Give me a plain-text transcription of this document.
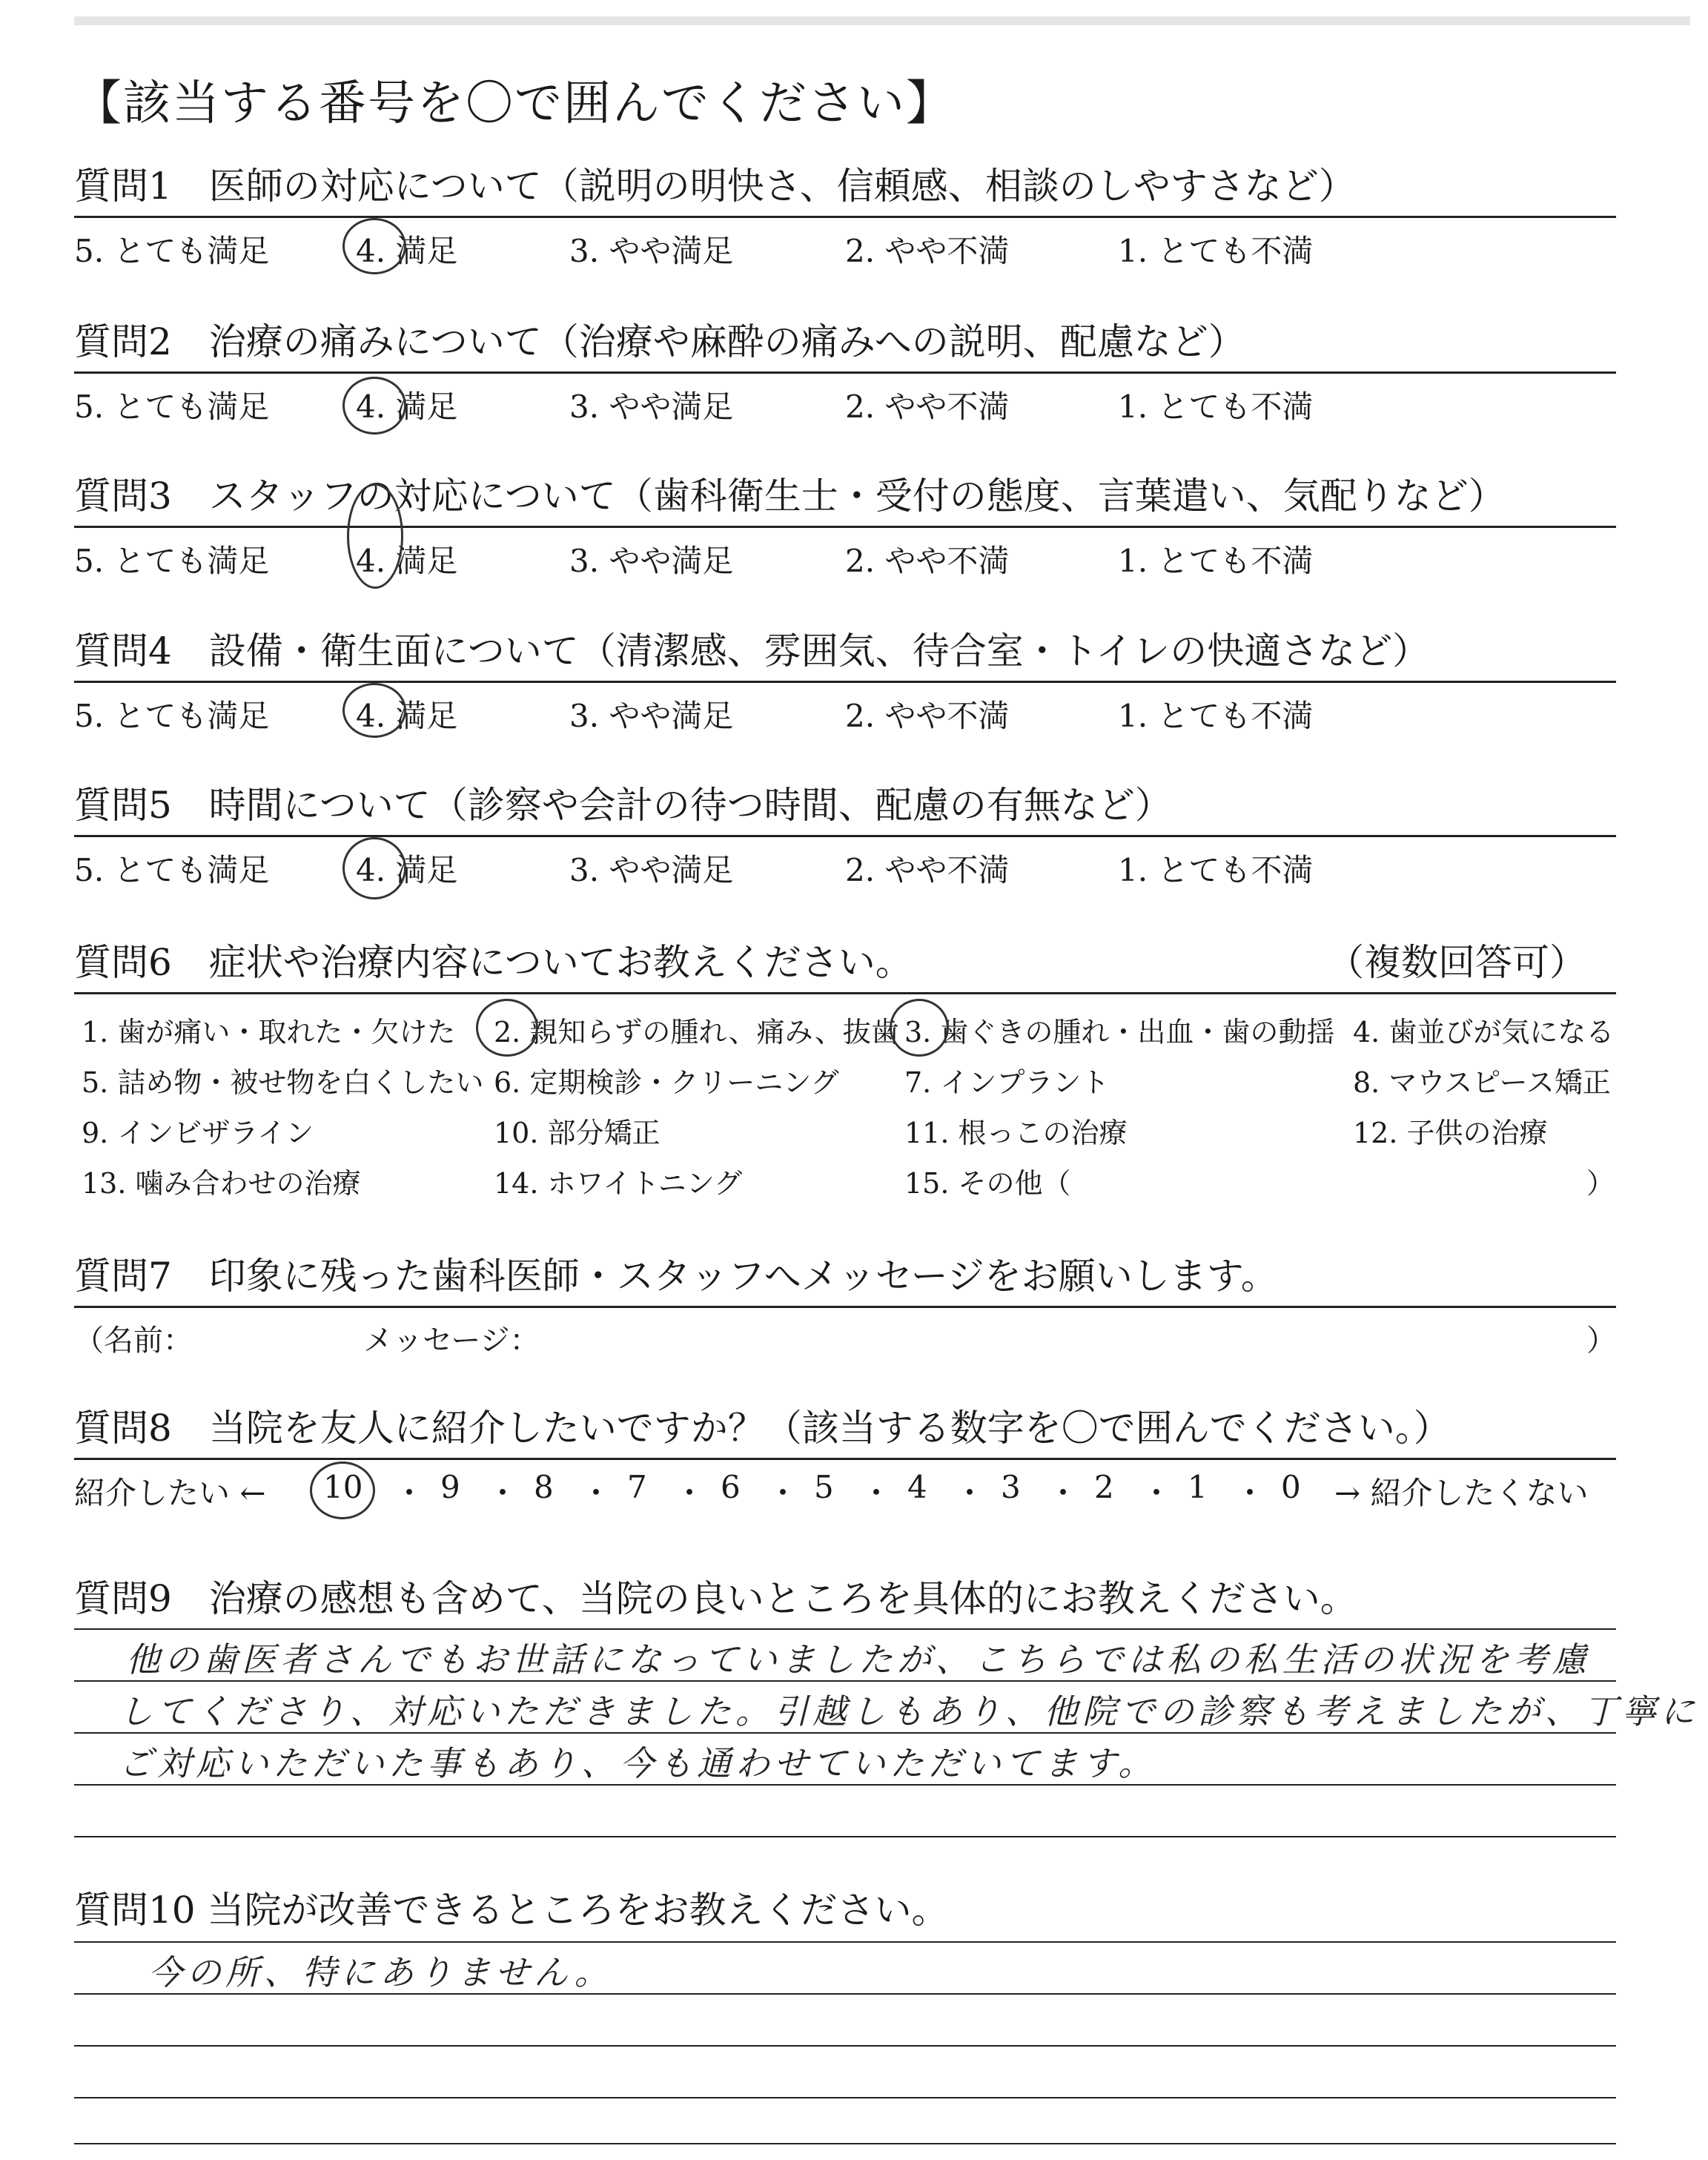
【該当する番号を〇で囲んでください】
質問1　医師の対応について（説明の明快さ、信頼感、相談のしやすさなど）
5. とても満足	4. 満足	3. やや満足	2. やや不満	1. とても不満
質問2　治療の痛みについて（治療や麻酔の痛みへの説明、配慮など）
5. とても満足	4. 満足	3. やや満足	2. やや不満	1. とても不満
質問3　スタッフの対応について（歯科衛生士・受付の態度、言葉遣い、気配りなど）
5. とても満足	4. 満足	3. やや満足	2. やや不満	1. とても不満
質問4　設備・衛生面について（清潔感、雰囲気、待合室・トイレの快適さなど）
5. とても満足	4. 満足	3. やや満足	2. やや不満	1. とても不満
質問5　時間について（診察や会計の待つ時間、配慮の有無など）
5. とても満足	4. 満足	3. やや満足	2. やや不満	1. とても不満
質問6　症状や治療内容についてお教えください。	（複数回答可）
1. 歯が痛い・取れた・欠けた 2. 親知らずの腫れ、痛み、抜歯 3. 歯ぐきの腫れ・出血・歯の動揺 4. 歯並びが気になる
5. 詰め物・被せ物を白くしたい 6. 定期検診・クリーニング 7. インプラント	8. マウスピース矯正
9. インビザライン	10. 部分矯正	11. 根っこの治療	12. 子供の治療
13. 噛み合わせの治療	14. ホワイトニング	15. その他（	）
質問7　印象に残った歯科医師・スタッフへメッセージをお願いします。
（名前：	メッセージ：	）
質問8　当院を友人に紹介したいですか？（該当する数字を〇で囲んでください。）
紹介したい ← 10 ・ 9 ・ 8 ・ 7 ・ 6 ・ 5 ・ 4 ・ 3 ・ 2 ・ 1 ・ 0 → 紹介したくない
質問9　治療の感想も含めて、当院の良いところを具体的にお教えください。
他の歯医者さんでもお世話になっていましたが、こちらでは私の私生活の状況を考慮
してくださり、対応いただきました。引越しもあり、他院での診察も考えましたが、丁寧に
ご対応いただいた事もあり、今も通わせていただいてます。
質問10 当院が改善できるところをお教えください。
今の所、特にありません。
